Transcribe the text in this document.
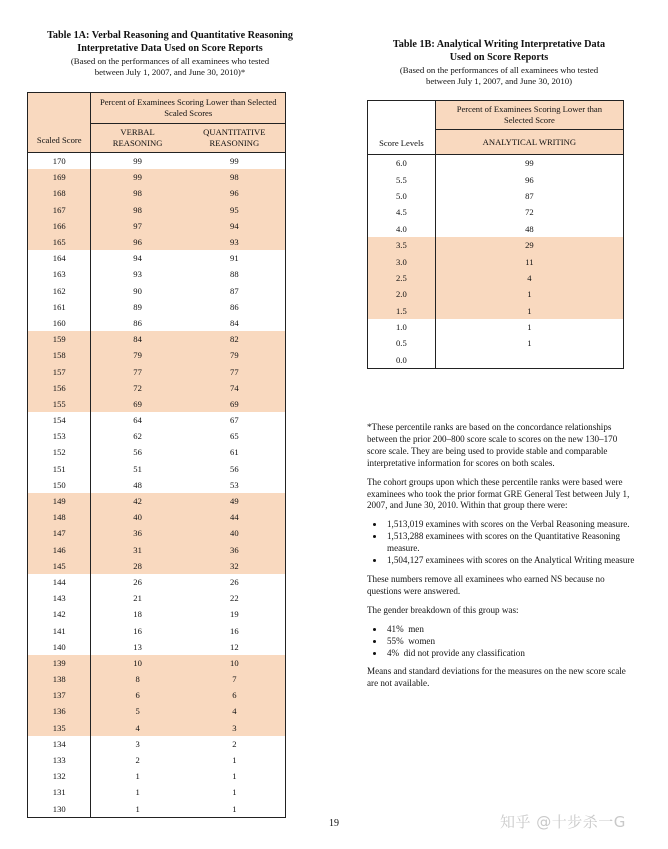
Table 1A: Verbal Reasoning and Quantitative Reasoning
Interpretative Data Used on Score Reports
(Based on the performances of all examinees who tested
between July 1, 2007, and June 30, 2010)*
Scaled Score	Percent of Examinees Scoring Lower than Selected Scaled Scores	
	VERBAL REASONING	QUANTITATIVE REASONING
170	99	99
169	99	98
168	98	96
167	98	95
166	97	94
165	96	93
164	94	91
163	93	88
162	90	87
161	89	86
160	86	84
159	84	82
158	79	79
157	77	77
156	72	74
155	69	69
154	64	67
153	62	65
152	56	61
151	51	56
150	48	53
149	42	49
148	40	44
147	36	40
146	31	36
145	28	32
144	26	26
143	21	22
142	18	19
141	16	16
140	13	12
139	10	10
138	8	7
137	6	6
136	5	4
135	4	3
134	3	2
133	2	1
132	1	1
131	1	1
130	1	1
Table 1B: Analytical Writing Interpretative Data
Used on Score Reports
(Based on the performances of all examinees who tested
between July 1, 2007, and June 30, 2010)
Score Levels	Percent of Examinees Scoring Lower than Selected Score
	ANALYTICAL WRITING
6.0	99
5.5	96
5.0	87
4.5	72
4.0	48
3.5	29
3.0	11
2.5	4
2.0	1
1.5	1
1.0	1
0.5	1
0.0	

*These percentile ranks are based on the concordance relationships between the prior 200–800 score scale to scores on the new 130–170 score scale. They are being used to provide stable and comparable interpretative information for scores on both scales.

The cohort groups upon which these percentile ranks were based were examinees who took the prior format GRE General Test between July 1, 2007, and June 30, 2010. Within that group there were:

• 1,513,019 examines with scores on the Verbal Reasoning measure.
• 1,513,288 examinees with scores on the Quantitative Reasoning measure.
• 1,504,127 examinees with scores on the Analytical Writing measure

These numbers remove all examinees who earned NS because no questions were answered.

The gender breakdown of this group was:

• 41%  men
• 55%  women
• 4%  did not provide any classification

Means and standard deviations for the measures on the new score scale are not available.

19	知乎 @十步杀一G
